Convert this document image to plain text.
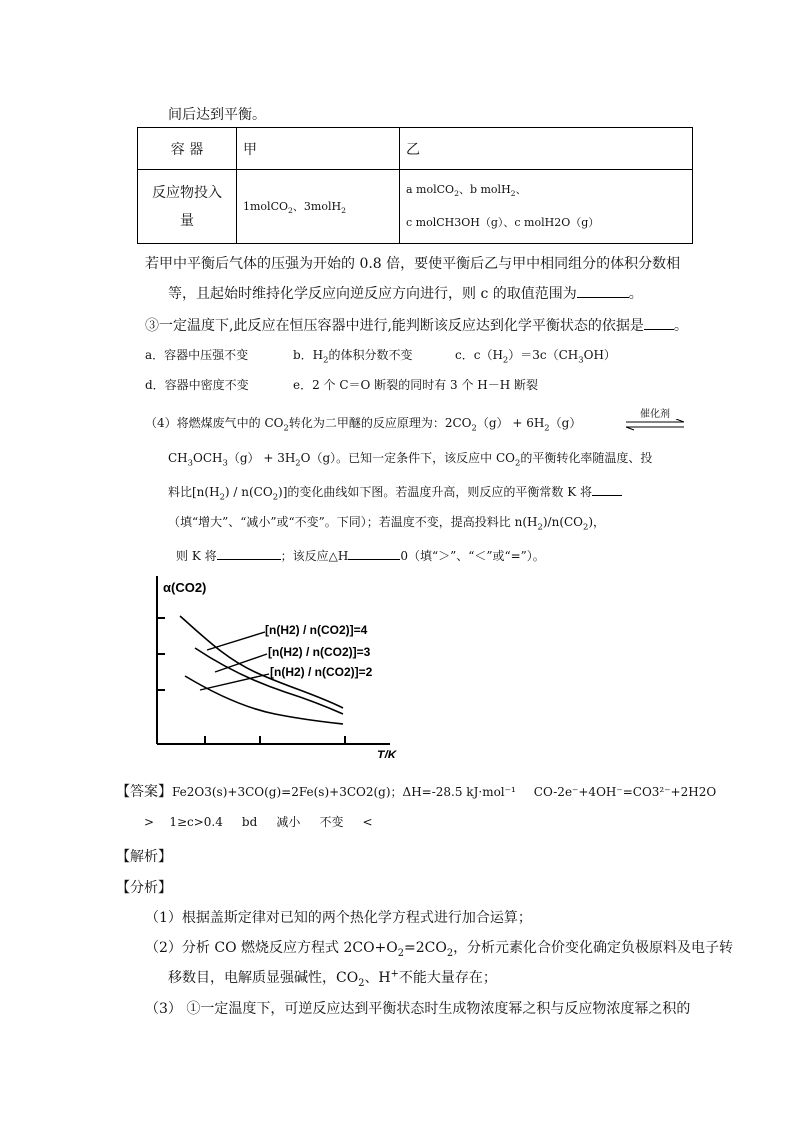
间后达到平衡。
容 器	甲	乙
反应物投入
量	1molCO$_2$、3molH$_2$	a molCO$_2$、b molH$_2$、
c molCH3OH（g）、c molH2O（g）
若甲中平衡后气体的压强为开始的 0.8 倍，要使平衡后乙与甲中相同组分的体积分数相
等，且起始时维持化学反应向逆反应方向进行，则 c 的取值范围为	。
③一定温度下,此反应在恒压容器中进行,能判断该反应达到化学平衡状态的依据是 。
a．容器中压强不变	b．$H_2$的体积分数不变	c．$c(H_2)=3c(CH_3OH)$
d．容器中密度不变	e．2 个 C＝O 断裂的同时有 3 个 H－H 断裂
（4）将燃煤废气中的 $CO_2$转化为二甲醚的反应原理为：$2CO_2(g) + 6H_2(g)$
催化剂
$CH_3OCH_3(g) + 3H_2O(g)$。已知一定条件下，该反应中 $CO_2$的平衡转化率随温度、投
料比$[n(H_2) / n(CO_2)]$的变化曲线如下图。若温度升高，则反应的平衡常数 K 将
（填“增大”、“减小”或“不变”。下同）；若温度不变，提高投料比 $n(H_2)/n(CO_2)$，
则 K 将	；该反应△H	0（填“＞”、“＜”或“=”）。
α(CO2)
T/K
[n(H2) / n(CO2)]=4
[n(H2) / n(CO2)]=3
[n(H2) / n(CO2)]=2
【答案】Fe2O3(s)+3CO(g)=2Fe(s)+3CO2(g)；ΔH=-28.5 kJ·mol⁻¹ CO-2e⁻+4OH⁻=CO3²⁻+2H2O
>    1≥c>0.4     bd     减小     不变     <
【解析】
【分析】
（1）根据盖斯定律对已知的两个热化学方程式进行加合运算；
（2）分析 CO 燃烧反应方程式 $2CO+O_2=2CO_2$，分析元素化合价变化确定负极原料及电子转
移数目，电解质显强碱性，$CO_2$、H+不能大量存在；
（3） ①一定温度下，可逆反应达到平衡状态时生成物浓度幂之积与反应物浓度幂之积的
